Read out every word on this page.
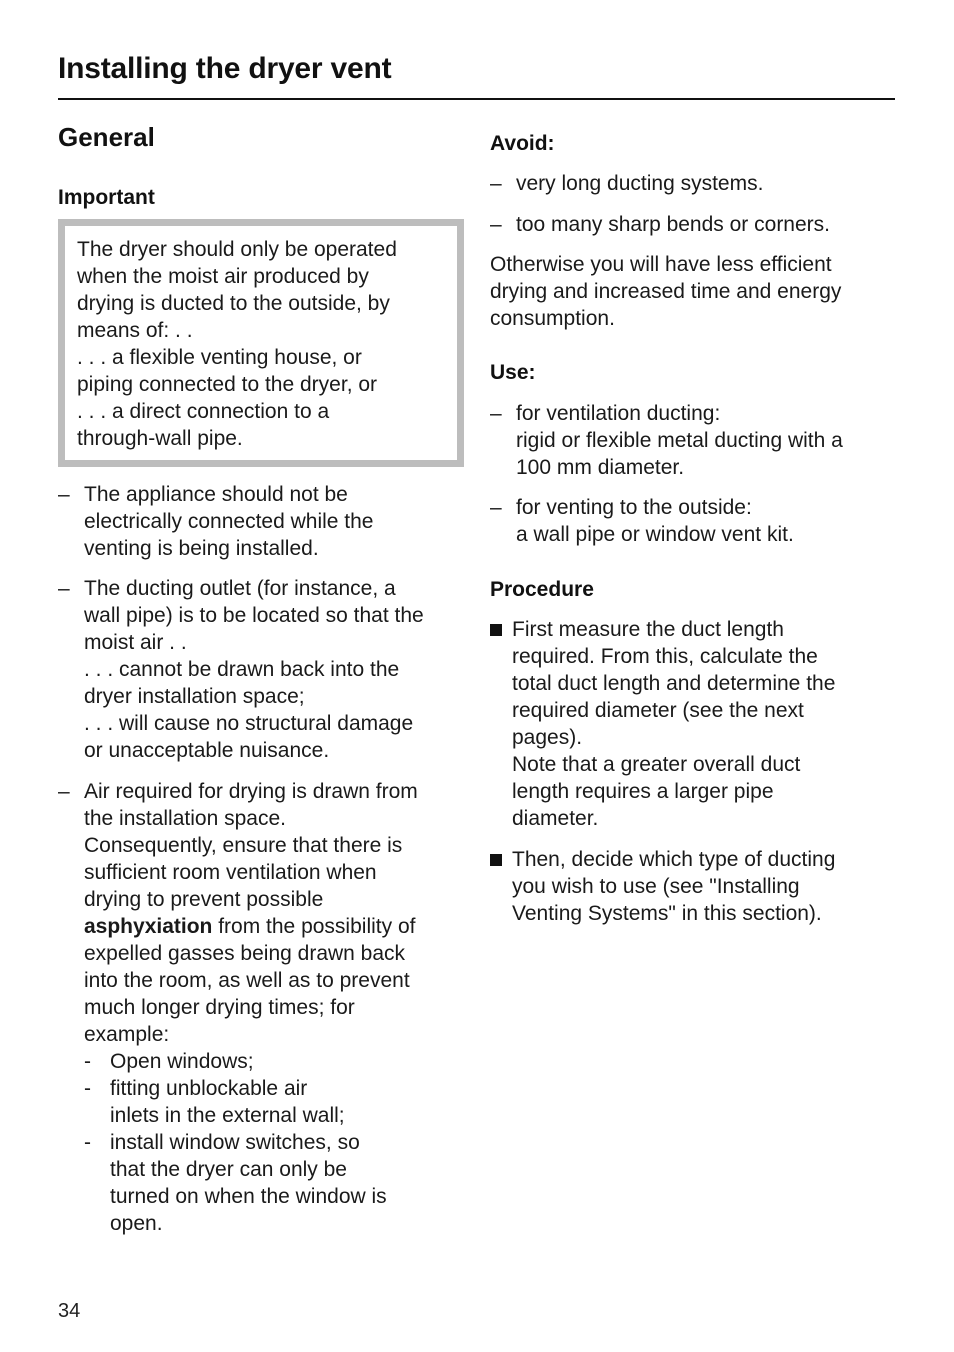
Installing the dryer vent
General
Important

The dryer should only be operated

when the moist air produced by

drying is ducted to the outside, by

means of: . .

. . . a flexible venting house, or

piping connected to the dryer, or

. . . a direct connection to a

through-wall pipe.

– The appliance should not be

electrically connected while the

venting is being installed.

– The ducting outlet (for instance, a

wall pipe) is to be located so that the

moist air . .

. . . cannot be drawn back into the

dryer installation space;

. . . will cause no structural damage

or unacceptable nuisance.

– Air required for drying is drawn from

the installation space.

Consequently, ensure that there is

sufficient room ventilation when

drying to prevent possible

asphyxiation from the possibility of

expelled gasses being drawn back

into the room, as well as to prevent

much longer drying times; for

example:

- Open windows;

- fitting unblockable air

inlets in the external wall;

- install window switches, so

that the dryer can only be

turned on when the window is

open.

Avoid:
– very long ducting systems.

– too many sharp bends or corners.

Otherwise you will have less efficient

drying and increased time and energy

consumption.

Use:
– for ventilation ducting:

rigid or flexible metal ducting with a

100 mm diameter.

– for venting to the outside:

a wall pipe or window vent kit.

Procedure

First measure the duct length

required. From this, calculate the

total duct length and determine the

required diameter (see the next

pages).

Note that a greater overall duct

length requires a larger pipe

diameter.

Then, decide which type of ducting

you wish to use (see "Installing

Venting Systems" in this section).

34
